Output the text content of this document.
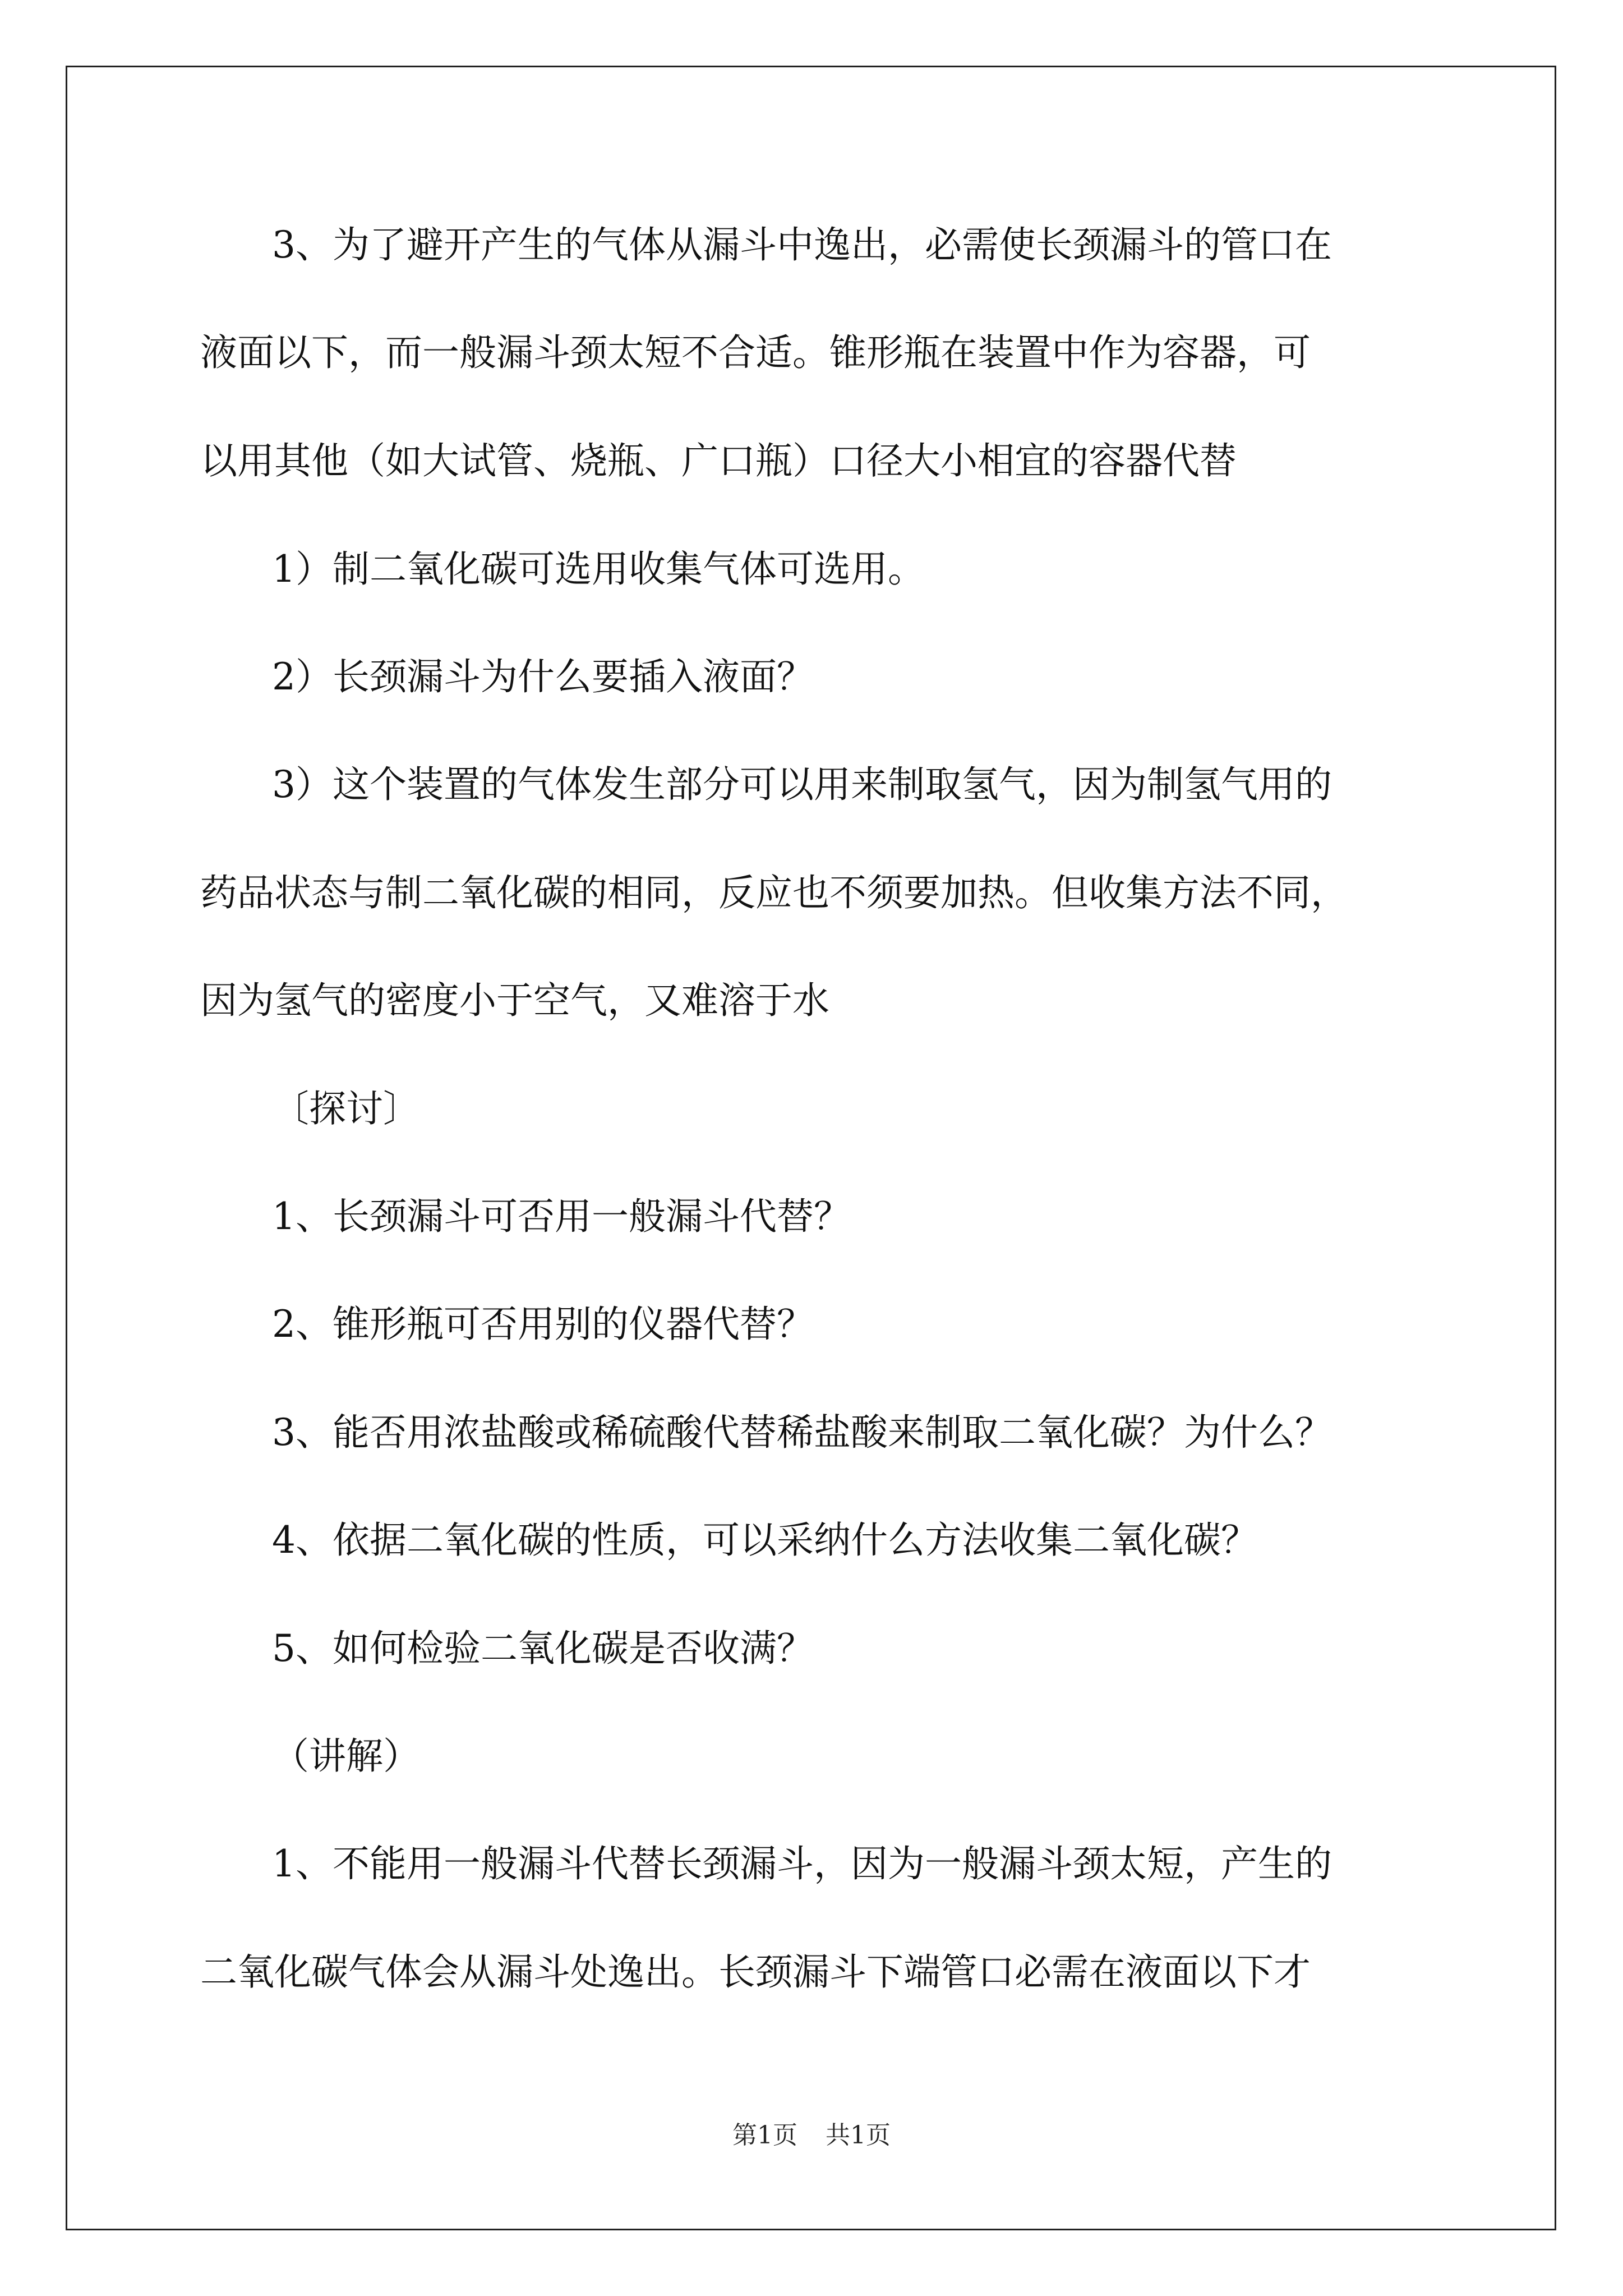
3、为了避开产生的气体从漏斗中逸出，必需使长颈漏斗的管口在
液面以下，而一般漏斗颈太短不合适。锥形瓶在装置中作为容器，可
以用其他（如大试管、烧瓶、广口瓶）口径大小相宜的容器代替
1）制二氧化碳可选用收集气体可选用。
2）长颈漏斗为什么要插入液面？
3）这个装置的气体发生部分可以用来制取氢气，因为制氢气用的
药品状态与制二氧化碳的相同，反应也不须要加热。但收集方法不同，
因为氢气的密度小于空气，又难溶于水
〔探讨〕
1、长颈漏斗可否用一般漏斗代替？
2、锥形瓶可否用别的仪器代替？
3、能否用浓盐酸或稀硫酸代替稀盐酸来制取二氧化碳？为什么？
4、依据二氧化碳的性质，可以采纳什么方法收集二氧化碳？
5、如何检验二氧化碳是否收满？
（讲解）
1、不能用一般漏斗代替长颈漏斗，因为一般漏斗颈太短，产生的
二氧化碳气体会从漏斗处逸出。长颈漏斗下端管口必需在液面以下才
第1页 共1页
